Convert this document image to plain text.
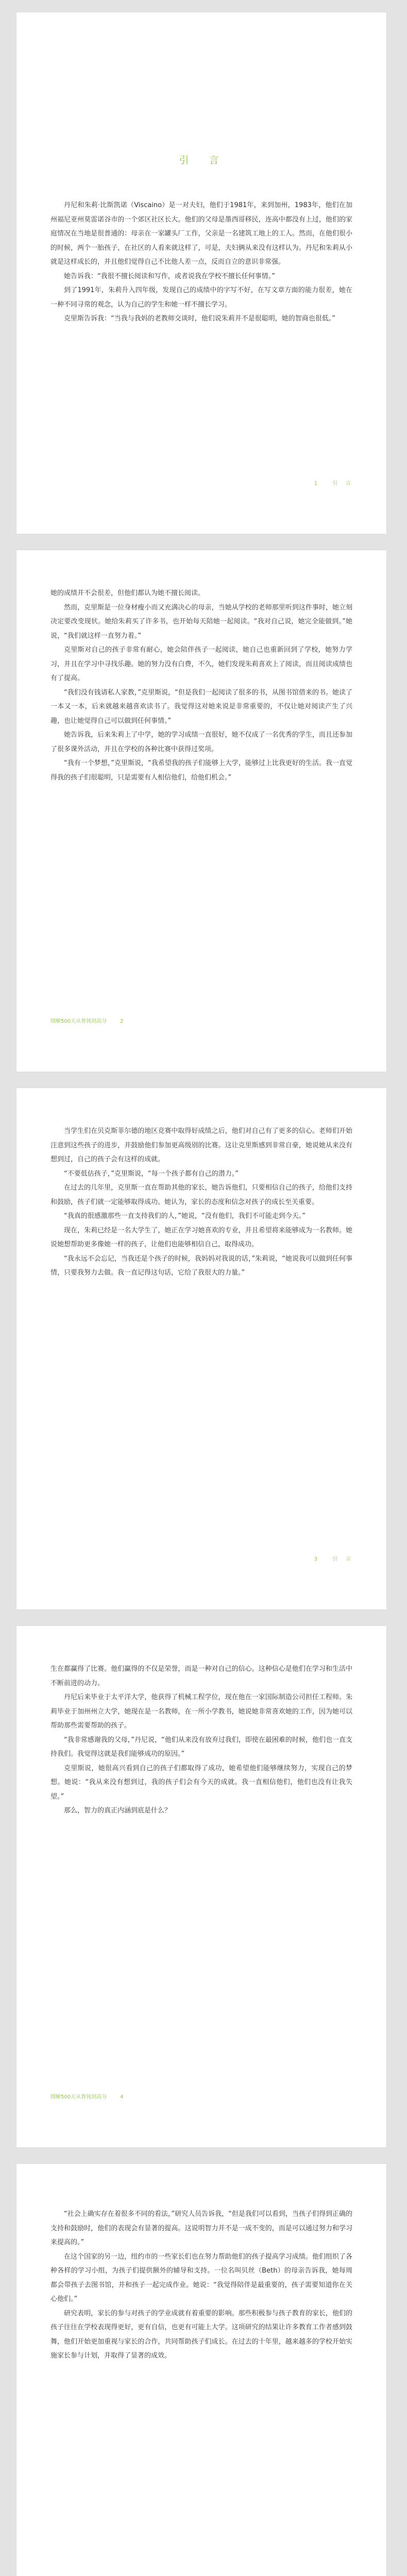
引　言

丹尼和朱莉·比斯凯诺（Viscaino）是一对夫妇，他们于1981年，来到加州，1983年，他们在加州福尼亚州莫雷诺谷市的一个郊区社区长大。他们的父母是墨西哥移民，连高中都没有上过，他们的家庭情况在当地是很普通的：母亲在一家罐头厂工作，父亲是一名建筑工地上的工人。然而，在他们很小的时候，两个一胎孩子，在社区的人看来就这样了，可是，夫妇俩从来没有这样认为。丹尼和朱莉从小就是这样成长的，并且他们觉得自己不比他人差一点，反而自立的意识非常强。

她告诉我：“我很不擅长阅读和写作，或者说我在学校不擅长任何事情。”

到了1991年，朱莉升入四年级，发现自己的成绩中的字写不好，在写文章方面的能力很差，她在一种不同寻常的观念，认为自己的学生和她一样不擅长学习。

克里斯告诉我：“当我与我妈的老教师交谈时，他们说朱莉并不是很聪明，她的智商也很低。”

1	引　言

她的成绩并不会很差，但他们都认为她不擅长阅读。

然而，克里斯是一位身材瘦小而又充满决心的母亲，当她从学校的老师那里听到这件事时，她立刻决定要改变现状。她给朱莉买了许多书，也开始每天陪她一起阅读。“我对自己说，她完全能做到。”她说，“我们就这样一直努力着。”

克里斯对自己的孩子非常有耐心，她会陪伴孩子一起阅读，她自己也重新回到了学校，她努力学习，并且在学习中寻找乐趣。她的努力没有白费，不久，她们发现朱莉喜欢上了阅读，而且阅读成绩也有了提高。

“我们没有钱请私人家教，”克里斯说，“但是我们一起阅读了很多的书，从图书馆借来的书。她读了一本又一本，后来就越来越喜欢读书了。我觉得这对她来说是非常重要的，不仅让她对阅读产生了兴趣，也让她觉得自己可以做到任何事情。”

她告诉我，后来朱莉上了中学，她的学习成绩一直很好，她不仅成了一名优秀的学生，而且还参加了很多课外活动，并且在学校的各种比赛中获得过奖项。

“我有一个梦想，”克里斯说，“我希望我的孩子们能够上大学，能够过上比我更好的生活。我一直觉得我的孩子们很聪明，只是需要有人相信他们，给他们机会。”

图解500天从鲁钝到高分	2

当学生们在贝克斯菲尔德的地区竞赛中取得好成绩之后，他们对自己有了更多的信心。老师们开始注意到这些孩子的进步，并鼓励他们参加更高级别的比赛。这让克里斯感到非常自豪，她说她从来没有想到过，自己的孩子会有这样的成就。

“不要低估孩子，”克里斯说，“每一个孩子都有自己的潜力。”

在过去的几年里，克里斯一直在帮助其他的家长，她告诉他们，只要相信自己的孩子，给他们支持和鼓励，孩子们就一定能够取得成功。她认为，家长的态度和信念对孩子的成长至关重要。

“我真的很感激那些一直支持我们的人，”她说，“没有他们，我们不可能走到今天。”

现在，朱莉已经是一名大学生了，她正在学习她喜欢的专业，并且希望将来能够成为一名教师。她说她想帮助更多像她一样的孩子，让他们也能够相信自己，取得成功。

“我永远不会忘记，当我还是个孩子的时候，我妈妈对我说的话，”朱莉说，“她说我可以做到任何事情，只要我努力去做。我一直记得这句话，它给了我很大的力量。”

3	引　言

生在都赢得了比赛。他们赢得的不仅是荣誉，而是一种对自己的信心。这种信心是他们在学习和生活中不断前进的动力。

丹尼后来毕业于太平洋大学，他获得了机械工程学位，现在他在一家国际制造公司担任工程师。朱莉毕业于加州州立大学，她现在是一名教师，在一所小学教书，她说她非常喜欢她的工作，因为她可以帮助那些需要帮助的孩子。

“我非常感谢我的父母，”丹尼说，“他们从来没有放弃过我们，即使在最困难的时候，他们也一直支持我们。我觉得这就是我们能够成功的原因。”

克里斯说，她很高兴看到自己的孩子们都取得了成功，她希望他们能够继续努力，实现自己的梦想。她说：“我从来没有想到过，我的孩子们会有今天的成就。我一直相信他们，他们也没有让我失望。”

那么，智力的真正内涵到底是什么？

图解500天从鲁钝到高分	4

“社会上确实存在着很多不同的看法，”研究人员告诉我，“但是我们可以看到，当孩子们得到正确的支持和鼓励时，他们的表现会有显著的提高。这说明智力并不是一成不变的，而是可以通过努力和学习来提高的。”

在这个国家的另一边，纽约市的一些家长们也在努力帮助他们的孩子提高学习成绩。他们组织了各种各样的学习小组，为孩子们提供额外的辅导和支持。一位名叫贝丝（Beth）的母亲告诉我，她每周都会带孩子去图书馆，并和孩子一起完成作业。她说：“我觉得陪伴是最重要的，孩子需要知道你在关心他们。”

研究表明，家长的参与对孩子的学业成就有着重要的影响。那些积极参与孩子教育的家长，他们的孩子往往在学校表现得更好，更有自信，也更有可能上大学。这项研究的结果让许多教育工作者感到鼓舞，他们开始更加重视与家长的合作，共同帮助孩子们成长。在过去的十年里，越来越多的学校开始实施家长参与计划，并取得了显著的成效。
